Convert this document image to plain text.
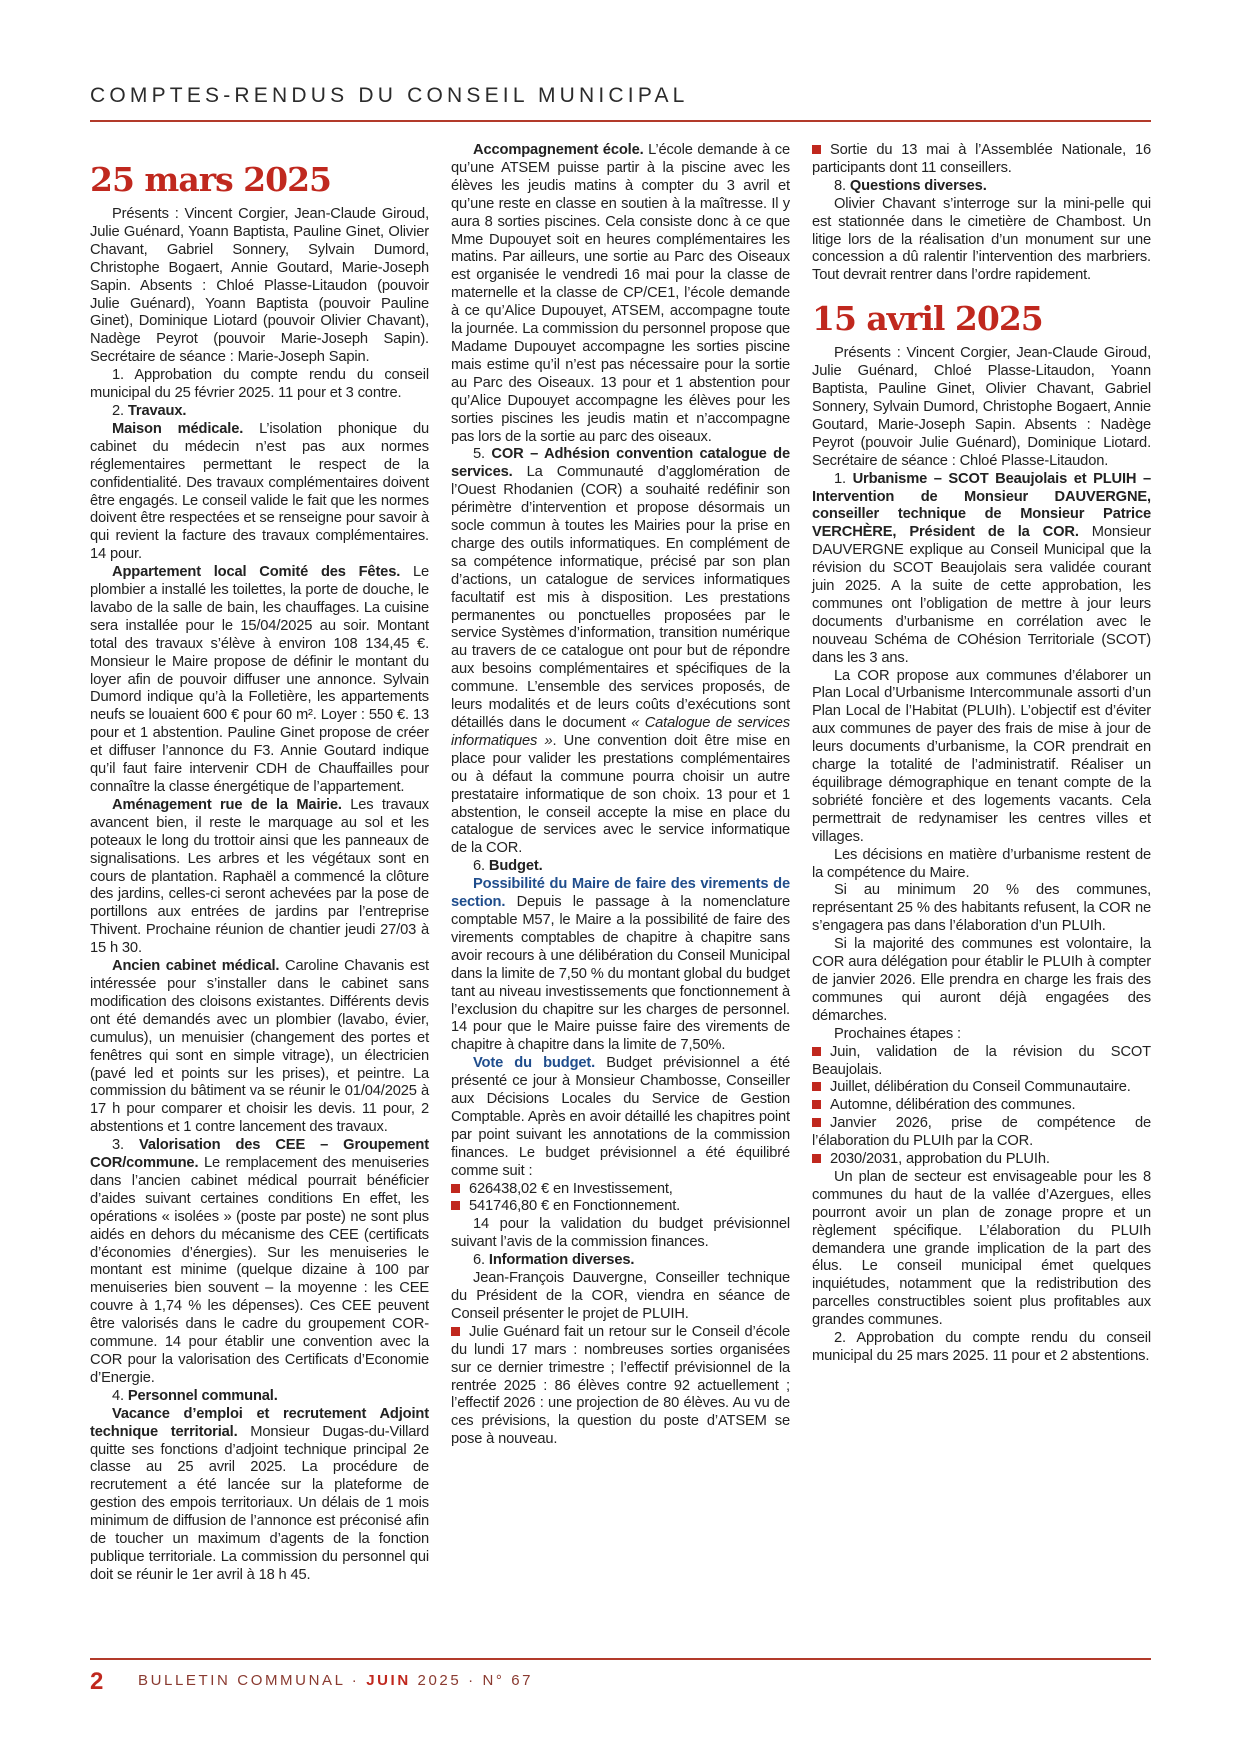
COMPTES-RENDUS DU CONSEIL MUNICIPAL
25 mars 2025

Présents : Vincent Corgier, Jean-Claude Giroud, Julie Guénard, Yoann Baptista, Pauline Ginet, Olivier Chavant, Gabriel Sonnery, Sylvain Dumord, Christophe Bogaert, Annie Goutard, Marie-Joseph Sapin. Absents : Chloé Plasse-Litaudon (pouvoir Julie Guénard), Yoann Baptista (pouvoir Pauline Ginet), Dominique Liotard (pouvoir Olivier Chavant), Nadège Peyrot (pouvoir Marie-Joseph Sapin). Secrétaire de séance : Marie-Joseph Sapin.

1. Approbation du compte rendu du conseil municipal du 25 février 2025. 11 pour et 3 contre.

2. Travaux.

Maison médicale. L’isolation phonique du cabinet du médecin n’est pas aux normes réglementaires permettant le respect de la confidentialité. Des travaux complémentaires doivent être engagés. Le conseil valide le fait que les normes doivent être respectées et se renseigne pour savoir à qui revient la facture des travaux complémentaires. 14 pour.

Appartement local Comité des Fêtes. Le plombier a installé les toilettes, la porte de douche, le lavabo de la salle de bain, les chauffages. La cuisine sera installée pour le 15/04/2025 au soir. Montant total des travaux s’élève à environ 108 134,45 €. Monsieur le Maire propose de définir le montant du loyer afin de pouvoir diffuser une annonce. Sylvain Dumord indique qu’à la Folletière, les appartements neufs se louaient 600 € pour 60 m². Loyer : 550 €. 13 pour et 1 abstention. Pauline Ginet propose de créer et diffuser l’annonce du F3. Annie Goutard indique qu’il faut faire intervenir CDH de Chauffailles pour connaître la classe énergétique de l’appartement.

Aménagement rue de la Mairie. Les travaux avancent bien, il reste le marquage au sol et les poteaux le long du trottoir ainsi que les panneaux de signalisations. Les arbres et les végétaux sont en cours de plantation. Raphaël a commencé la clôture des jardins, celles-ci seront achevées par la pose de portillons aux entrées de jardins par l’entreprise Thivent. Prochaine réunion de chantier jeudi 27/03 à 15 h 30.

Ancien cabinet médical. Caroline Chavanis est intéressée pour s’installer dans le cabinet sans modification des cloisons existantes. Différents devis ont été demandés avec un plombier (lavabo, évier, cumulus), un menuisier (changement des portes et fenêtres qui sont en simple vitrage), un électricien (pavé led et points sur les prises), et peintre. La commission du bâtiment va se réunir le 01/04/2025 à 17 h pour comparer et choisir les devis. 11 pour, 2 abstentions et 1 contre lancement des travaux.

3. Valorisation des CEE – Groupement COR/commune. Le remplacement des menuiseries dans l’ancien cabinet médical pourrait bénéficier d’aides suivant certaines conditions En effet, les opérations « isolées » (poste par poste) ne sont plus aidés en dehors du mécanisme des CEE (certificats d’économies d’énergies). Sur les menuiseries le montant est minime (quelque dizaine à 100 par menuiseries bien souvent – la moyenne : les CEE couvre à 1,74 % les dépenses). Ces CEE peuvent être valorisés dans le cadre du groupement COR-commune. 14 pour établir une convention avec la COR pour la valorisation des Certificats d’Economie d’Energie.

4. Personnel communal.

Vacance d’emploi et recrutement Adjoint technique territorial. Monsieur Dugas-du-Villard quitte ses fonctions d’adjoint technique principal 2e classe au 25 avril 2025. La procédure de recrutement a été lancée sur la plateforme de gestion des empois territoriaux. Un délais de 1 mois minimum de diffusion de l’annonce est préconisé afin de toucher un maximum d’agents de la fonction publique territoriale. La commission du personnel qui doit se réunir le 1er avril à 18 h 45.

Accompagnement école. L’école demande à ce qu’une ATSEM puisse partir à la piscine avec les élèves les jeudis matins à compter du 3 avril et qu’une reste en classe en soutien à la maîtresse. Il y aura 8 sorties piscines. Cela consiste donc à ce que Mme Dupouyet soit en heures complémentaires les matins. Par ailleurs, une sortie au Parc des Oiseaux est organisée le vendredi 16 mai pour la classe de maternelle et la classe de CP/CE1, l’école demande à ce qu’Alice Dupouyet, ATSEM, accompagne toute la journée. La commission du personnel propose que Madame Dupouyet accompagne les sorties piscine mais estime qu’il n’est pas nécessaire pour la sortie au Parc des Oiseaux. 13 pour et 1 abstention pour qu’Alice Dupouyet accompagne les élèves pour les sorties piscines les jeudis matin et n’accompagne pas lors de la sortie au parc des oiseaux.

5. COR – Adhésion convention catalogue de services. La Communauté d’agglomération de l’Ouest Rhodanien (COR) a souhaité redéfinir son périmètre d’intervention et propose désormais un socle commun à toutes les Mairies pour la prise en charge des outils informatiques. En complément de sa compétence informatique, précisé par son plan d’actions, un catalogue de services informatiques facultatif est mis à disposition. Les prestations permanentes ou ponctuelles proposées par le service Systèmes d’information, transition numérique au travers de ce catalogue ont pour but de répondre aux besoins complémentaires et spécifiques de la commune. L’ensemble des services proposés, de leurs modalités et de leurs coûts d’exécutions sont détaillés dans le document « Catalogue de services informatiques ». Une convention doit être mise en place pour valider les prestations complémentaires ou à défaut la commune pourra choisir un autre prestataire informatique de son choix. 13 pour et 1 abstention, le conseil accepte la mise en place du catalogue de services avec le service informatique de la COR.

6. Budget.

Possibilité du Maire de faire des virements de section. Depuis le passage à la nomenclature comptable M57, le Maire a la possibilité de faire des virements comptables de chapitre à chapitre sans avoir recours à une délibération du Conseil Municipal dans la limite de 7,50 % du montant global du budget tant au niveau investissements que fonctionnement à l’exclusion du chapitre sur les charges de personnel. 14 pour que le Maire puisse faire des virements de chapitre à chapitre dans la limite de 7,50%.

Vote du budget. Budget prévisionnel a été présenté ce jour à Monsieur Chambosse, Conseiller aux Décisions Locales du Service de Gestion Comptable. Après en avoir détaillé les chapitres point par point suivant les annotations de la commission finances. Le budget prévisionnel a été équilibré comme suit :

626438,02 € en Investissement,

541746,80 € en Fonctionnement.

14 pour la validation du budget prévisionnel suivant l’avis de la commission finances.

6. Information diverses.

Jean-François Dauvergne, Conseiller technique du Président de la COR, viendra en séance de Conseil présenter le projet de PLUIH.

Julie Guénard fait un retour sur le Conseil d’école du lundi 17 mars : nombreuses sorties organisées sur ce dernier trimestre ; l’effectif prévisionnel de la rentrée 2025 : 86 élèves contre 92 actuellement ; l’effectif 2026 : une projection de 80 élèves. Au vu de ces prévisions, la question du poste d’ATSEM se pose à nouveau.

Sortie du 13 mai à l’Assemblée Nationale, 16 participants dont 11 conseillers.

8. Questions diverses.

Olivier Chavant s’interroge sur la mini-pelle qui est stationnée dans le cimetière de Chambost. Un litige lors de la réalisation d’un monument sur une concession a dû ralentir l’intervention des marbriers. Tout devrait rentrer dans l’ordre rapidement.

15 avril 2025

Présents : Vincent Corgier, Jean-Claude Giroud, Julie Guénard, Chloé Plasse-Litaudon, Yoann Baptista, Pauline Ginet, Olivier Chavant, Gabriel Sonnery, Sylvain Dumord, Christophe Bogaert, Annie Goutard, Marie-Joseph Sapin. Absents : Nadège Peyrot (pouvoir Julie Guénard), Dominique Liotard. Secrétaire de séance : Chloé Plasse-Litaudon.

1. Urbanisme – SCOT Beaujolais et PLUIH – Intervention de Monsieur DAUVERGNE, conseiller technique de Monsieur Patrice VERCHÈRE, Président de la COR. Monsieur DAUVERGNE explique au Conseil Municipal que la révision du SCOT Beaujolais sera validée courant juin 2025. A la suite de cette approbation, les communes ont l’obligation de mettre à jour leurs documents d’urbanisme en corrélation avec le nouveau Schéma de COhésion Territoriale (SCOT) dans les 3 ans.

La COR propose aux communes d’élaborer un Plan Local d’Urbanisme Intercommunale assorti d’un Plan Local de l’Habitat (PLUIh). L’objectif est d’éviter aux communes de payer des frais de mise à jour de leurs documents d’urbanisme, la COR prendrait en charge la totalité de l’administratif. Réaliser un équilibrage démographique en tenant compte de la sobriété foncière et des logements vacants. Cela permettrait de redynamiser les centres villes et villages.

Les décisions en matière d’urbanisme restent de la compétence du Maire.

Si au minimum 20 % des communes, représentant 25 % des habitants refusent, la COR ne s’engagera pas dans l’élaboration d’un PLUIh.

Si la majorité des communes est volontaire, la COR aura délégation pour établir le PLUIh à compter de janvier 2026. Elle prendra en charge les frais des communes qui auront déjà engagées des démarches.

Prochaines étapes :

Juin, validation de la révision du SCOT Beaujolais.

Juillet, délibération du Conseil Communautaire.

Automne, délibération des communes.

Janvier 2026, prise de compétence de l’élaboration du PLUIh par la COR.

2030/2031, approbation du PLUIh.

Un plan de secteur est envisageable pour les 8 communes du haut de la vallée d’Azergues, elles pourront avoir un plan de zonage propre et un règlement spécifique. L’élaboration du PLUIh demandera une grande implication de la part des élus. Le conseil municipal émet quelques inquiétudes, notamment que la redistribution des parcelles constructibles soient plus profitables aux grandes communes.

2. Approbation du compte rendu du conseil municipal du 25 mars 2025. 11 pour et 2 abstentions.

2 BULLETIN COMMUNAL · JUIN 2025 · N° 67
